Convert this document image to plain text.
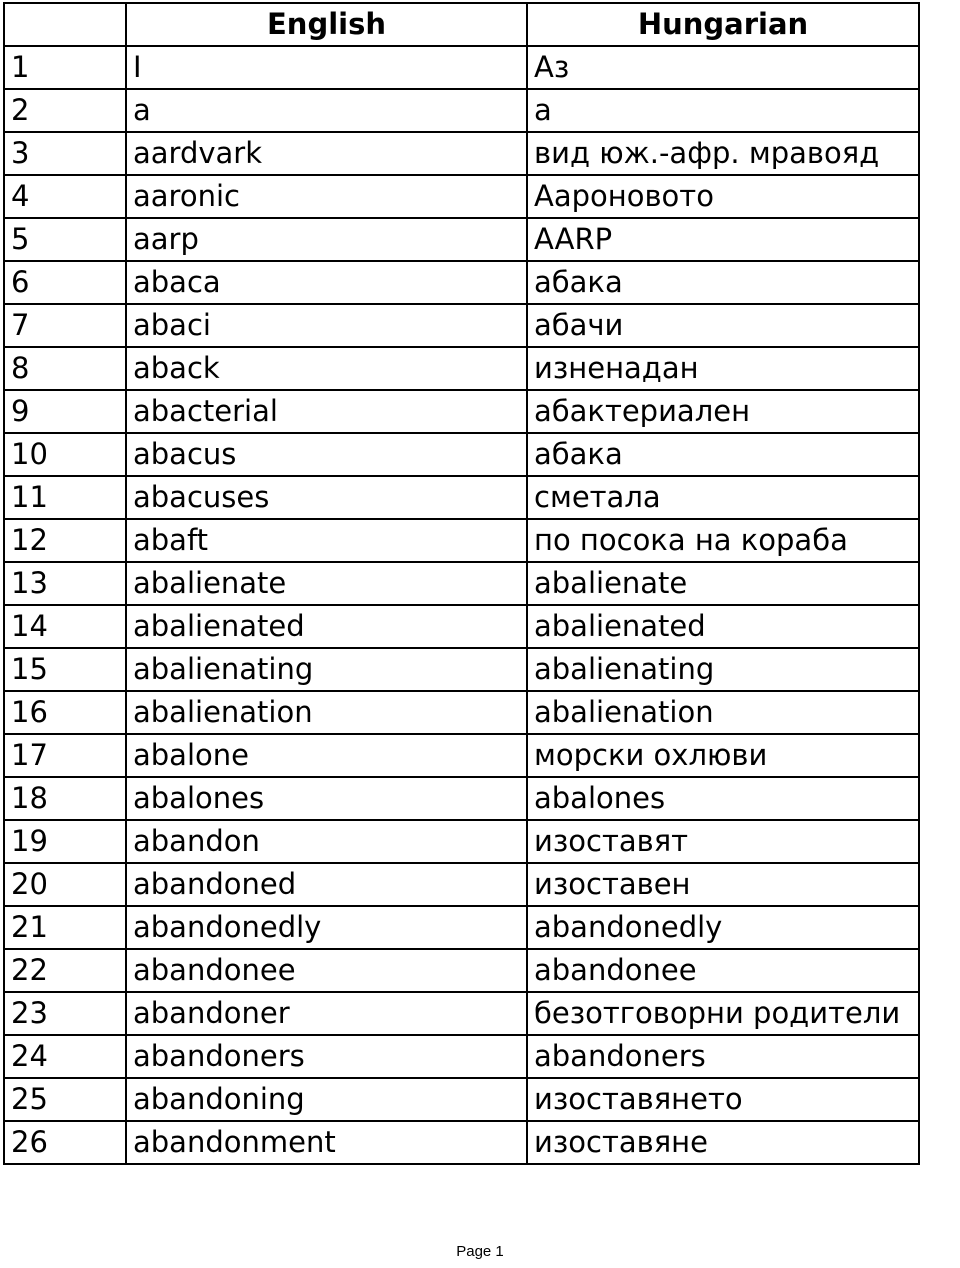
	English	Hungarian
1	I	Аз
2	a	a
3	aardvark	вид юж.-афр. мравояд
4	aaronic	Аароновото
5	aarp	AARP
6	abaca	абака
7	abaci	абачи
8	aback	изненадан
9	abacterial	абактериален
10	abacus	абака
11	abacuses	сметала
12	abaft	по посока на кораба
13	abalienate	abalienate
14	abalienated	abalienated
15	abalienating	abalienating
16	abalienation	abalienation
17	abalone	морски охлюви
18	abalones	abalones
19	abandon	изоставят
20	abandoned	изоставен
21	abandonedly	abandonedly
22	abandonee	abandonee
23	abandoner	безотговорни родители
24	abandoners	abandoners
25	abandoning	изоставянето
26	abandonment	изоставяне
Page 1
